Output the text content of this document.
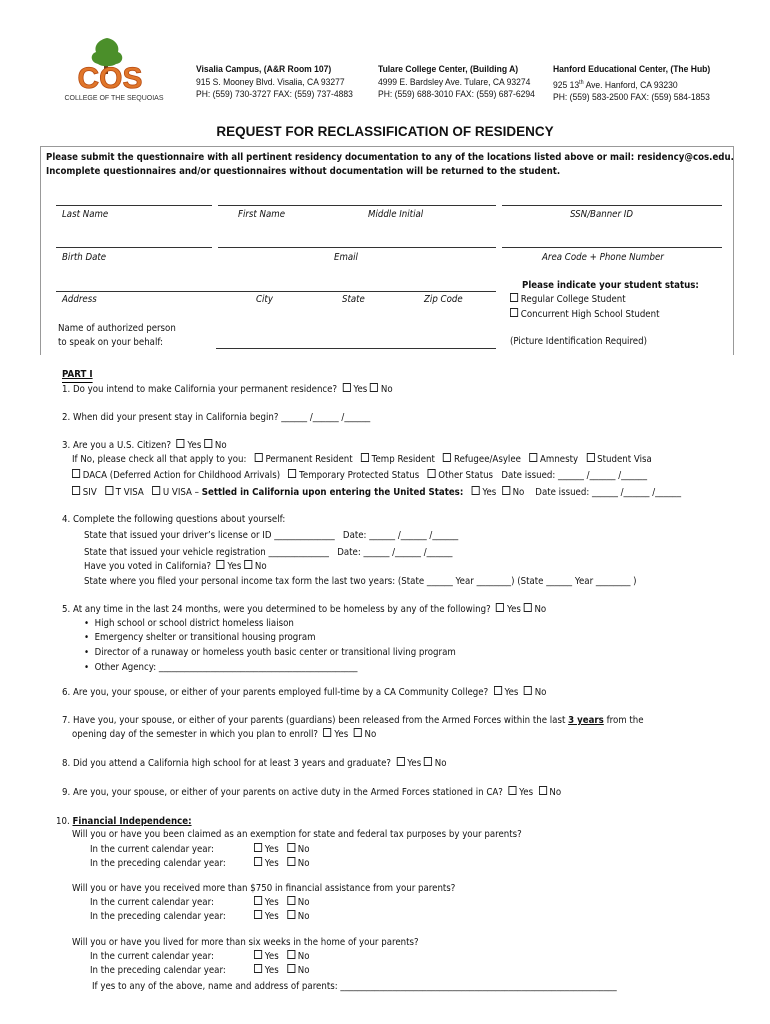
COS
COLLEGE OF THE SEQUOIAS
Visalia Campus, (A&R Room 107)
915 S. Mooney Blvd. Visalia, CA 93277
PH: (559) 730-3727 FAX: (559) 737-4883
Tulare College Center, (Building A)
4999 E. Bardsley Ave. Tulare, CA 93274
PH: (559) 688-3010 FAX: (559) 687-6294
Hanford Educational Center, (The Hub)
925 13th Ave. Hanford, CA 93230
PH: (559) 583-2500 FAX: (559) 584-1853
REQUEST FOR RECLASSIFICATION OF RESIDENCY
Please submit the questionnaire with all pertinent residency documentation to any of the locations listed above or mail: residency@cos.edu.
Incomplete questionnaires and/or questionnaires without documentation will be returned to the student.
Last Name	First Name	Middle Initial	SSN/Banner ID
Birth Date	Email	Area Code + Phone Number
Address	City	State	Zip Code
Please indicate your student status:
Regular College Student
Concurrent High School Student
(Picture Identification Required)
Name of authorized person
to speak on your behalf:
PART I
1. Do you intend to make California your permanent residence? Yes No
2. When did your present stay in California begin? ______ /______ /______
3. Are you a U.S. Citizen? Yes No
If No, please check all that apply to you: Permanent Resident Temp Resident Refugee/Asylee Amnesty Student Visa
DACA (Deferred Action for Childhood Arrivals) Temporary Protected Status Other Status Date issued: ______ /______ /______
SIV T VISA U VISA – Settled in California upon entering the United States: Yes No Date issued: ______ /______ /______
4. Complete the following questions about yourself:
State that issued your driver’s license or ID ______________ Date: ______ /______ /______
State that issued your vehicle registration ______________ Date: ______ /______ /______
Have you voted in California? Yes No
State where you filed your personal income tax form the last two years: (State ______ Year ________) (State ______ Year ________ )
5. At any time in the last 24 months, were you determined to be homeless by any of the following? Yes No
•  High school or school district homeless liaison
•  Emergency shelter or transitional housing program
•  Director of a runaway or homeless youth basic center or transitional living program
•  Other Agency: ______________________________________________
6. Are you, your spouse, or either of your parents employed full-time by a CA Community College? Yes No
7. Have you, your spouse, or either of your parents (guardians) been released from the Armed Forces within the last 3 years from the
opening day of the semester in which you plan to enroll? Yes No
8. Did you attend a California high school for at least 3 years and graduate? Yes No
9. Are you, your spouse, or either of your parents on active duty in the Armed Forces stationed in CA? Yes No
10. Financial Independence:
Will you or have you been claimed as an exemption for state and federal tax purposes by your parents?
In the current calendar year:	Yes No
In the preceding calendar year:	Yes No
Will you or have you received more than $750 in financial assistance from your parents?
In the current calendar year:	Yes No
In the preceding calendar year:	Yes No
Will you or have you lived for more than six weeks in the home of your parents?
In the current calendar year:	Yes No
In the preceding calendar year:	Yes No
If yes to any of the above, name and address of parents: ________________________________________________________________
